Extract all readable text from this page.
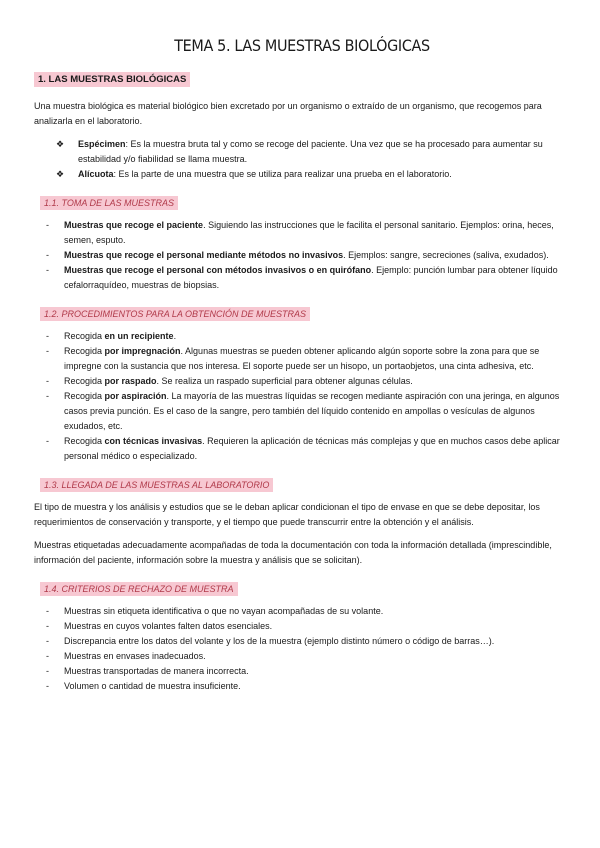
TEMA 5. LAS MUESTRAS BIOLÓGICAS
1. LAS MUESTRAS BIOLÓGICAS

Una muestra biológica es material biológico bien excretado por un organismo o extraído de un organismo, que recogemos para analizarla en el laboratorio.

❖ Espécimen: Es la muestra bruta tal y como se recoge del paciente. Una vez que se ha procesado para aumentar su estabilidad y/o fiabilidad se llama muestra.
❖ Alícuota: Es la parte de una muestra que se utiliza para realizar una prueba en el laboratorio.
1.1. TOMA DE LAS MUESTRAS
- Muestras que recoge el paciente. Siguiendo las instrucciones que le facilita el personal sanitario. Ejemplos: orina, heces, semen, esputo.
- Muestras que recoge el personal mediante métodos no invasivos. Ejemplos: sangre, secreciones (saliva, exudados).
- Muestras que recoge el personal con métodos invasivos o en quirófano. Ejemplo: punción lumbar para obtener líquido cefalorraquídeo, muestras de biopsias.
1.2. PROCEDIMIENTOS PARA LA OBTENCIÓN DE MUESTRAS
- Recogida en un recipiente.
- Recogida por impregnación. Algunas muestras se pueden obtener aplicando algún soporte sobre la zona para que se impregne con la sustancia que nos interesa. El soporte puede ser un hisopo, un portaobjetos, una cinta adhesiva, etc.
- Recogida por raspado. Se realiza un raspado superficial para obtener algunas células.
- Recogida por aspiración. La mayoría de las muestras líquidas se recogen mediante aspiración con una jeringa, en algunos casos previa punción. Es el caso de la sangre, pero también del líquido contenido en ampollas o vesículas de algunos exudados, etc.
- Recogida con técnicas invasivas. Requieren la aplicación de técnicas más complejas y que en muchos casos debe aplicar personal médico o especializado.
1.3. LLEGADA DE LAS MUESTRAS AL LABORATORIO

El tipo de muestra y los análisis y estudios que se le deban aplicar condicionan el tipo de envase en que se debe depositar, los requerimientos de conservación y transporte, y el tiempo que puede transcurrir entre la obtención y el análisis.

Muestras etiquetadas adecuadamente acompañadas de toda la documentación con toda la información detallada (imprescindible, información del paciente, información sobre la muestra y análisis que se solicitan).

1.4. CRITERIOS DE RECHAZO DE MUESTRA
- Muestras sin etiqueta identificativa o que no vayan acompañadas de su volante.
- Muestras en cuyos volantes falten datos esenciales.
- Discrepancia entre los datos del volante y los de la muestra (ejemplo distinto número o código de barras…).
- Muestras en envases inadecuados.
- Muestras transportadas de manera incorrecta.
- Volumen o cantidad de muestra insuficiente.
